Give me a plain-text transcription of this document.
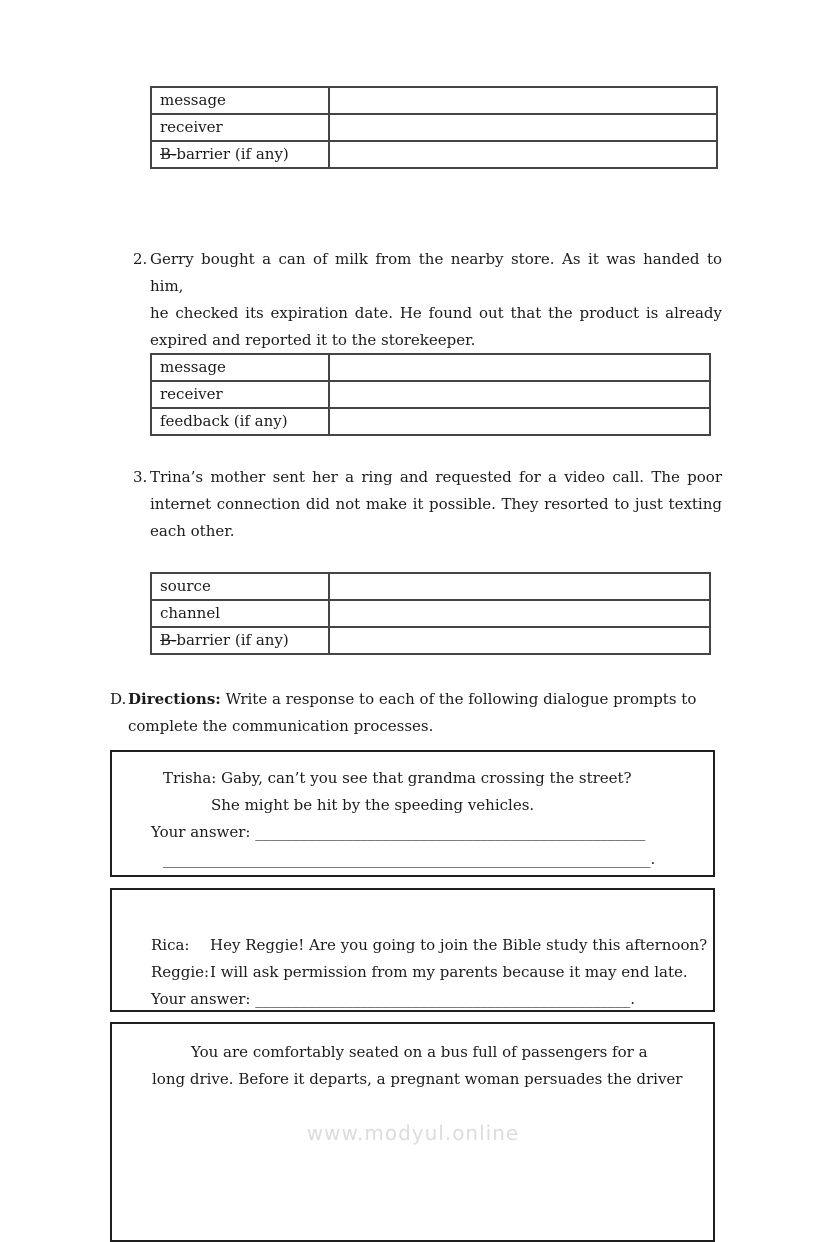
message	
receiver	
B-barrier (if any)	
2. Gerry bought a can of milk from the nearby store. As it was handed to him,
he checked its expiration date. He found out that the product is already
expired and reported it to the storekeeper.
message	
receiver	
feedback (if any)	
3. Trina’s mother sent her a ring and requested for a video call. The poor
internet connection did not make it possible. They resorted to just texting
each other.
source	
channel	
B-barrier (if any)	
D. Directions: Write a response to each of the following dialogue prompts to
complete the communication processes.
Trisha: Gaby, can’t you see that grandma crossing the street?
She might be hit by the speeding vehicles.
Your answer: ____________________________________________________
_________________________________________________________________.
Rica:	Hey Reggie! Are you going to join the Bible study this afternoon?
Reggie: I will ask permission from my parents because it may end late.
Your answer: __________________________________________________.
You are comfortably seated on a bus full of passengers for a
long drive. Before it departs, a pregnant woman persuades the driver
www.modyul.online
